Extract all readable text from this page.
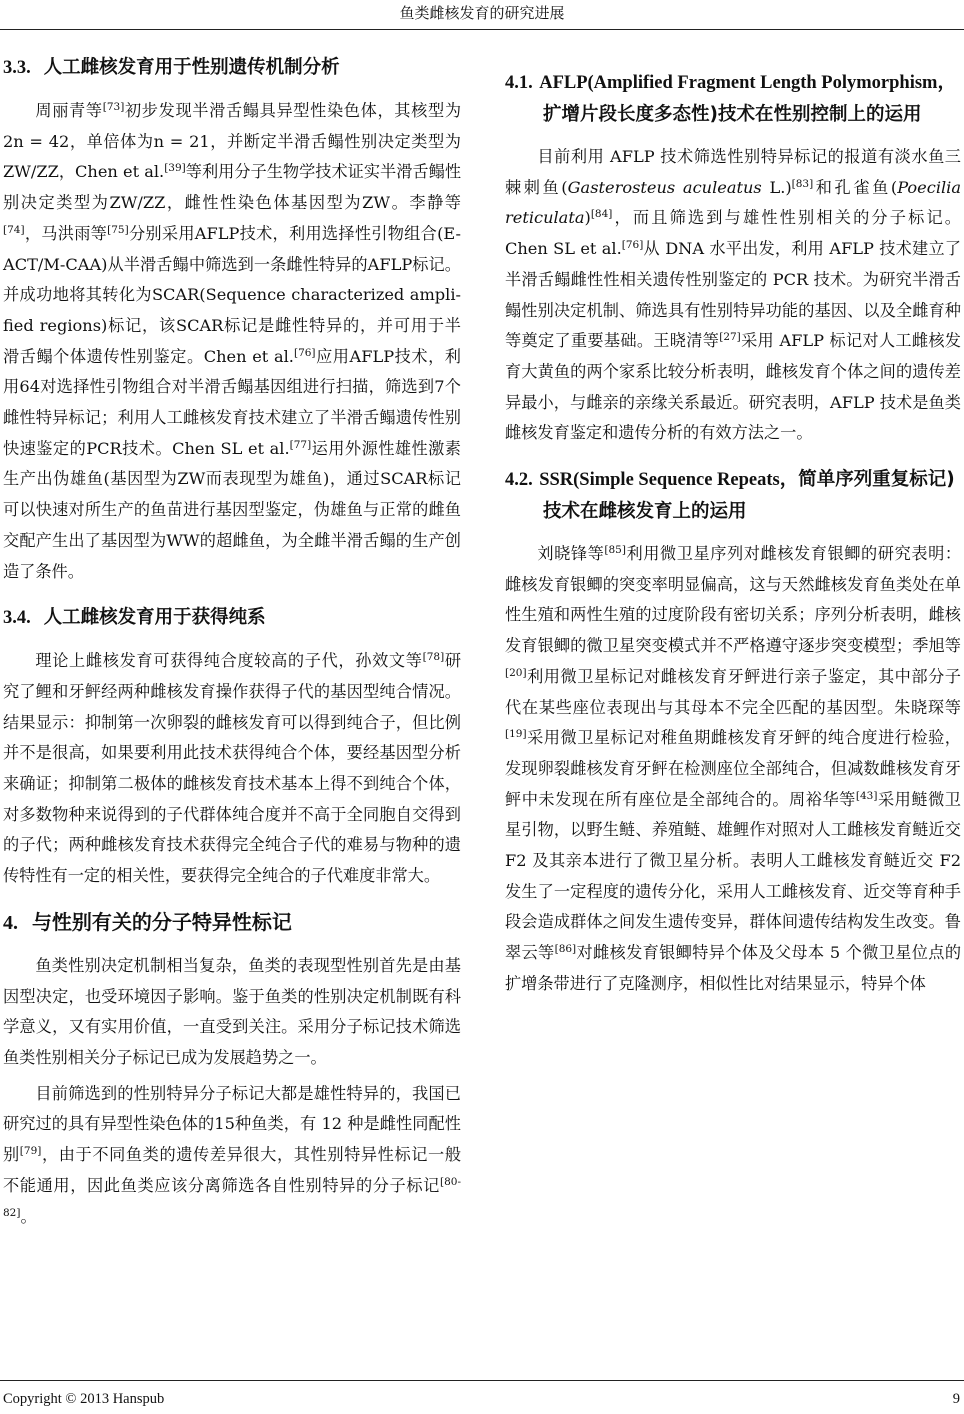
鱼类雌核发育的研究进展
3.3. 人工雌核发育用于性别遗传机制分析

周丽青等[73]初步发现半滑舌鳎具异型性染色体，其核型为2n = 42，单倍体为n = 21，并断定半滑舌鳎性别决定类型为ZW/ZZ，Chen et al.[39]等利用分子生物学技术证实半滑舌鳎性别决定类型为ZW/ZZ，雌性性染色体基因型为ZW。李静等[74]，马洪雨等[75]分别采用AFLP技术，利用选择性引物组合(E-ACT/M-CAA)从半滑舌鳎中筛选到一条雌性特异的AFLP标记。并成功地将其转化为SCAR(Sequence characterized ampli-fied regions)标记，该SCAR标记是雌性特异的，并可用于半滑舌鳎个体遗传性别鉴定。Chen et al.[76]应用AFLP技术，利用64对选择性引物组合对半滑舌鳎基因组进行扫描，筛选到7个雌性特异标记；利用人工雌核发育技术建立了半滑舌鳎遗传性别快速鉴定的PCR技术。Chen SL et al.[77]运用外源性雄性激素生产出伪雄鱼(基因型为ZW而表现型为雄鱼)，通过SCAR标记可以快速对所生产的鱼苗进行基因型鉴定，伪雄鱼与正常的雌鱼交配产生出了基因型为WW的超雌鱼，为全雌半滑舌鳎的生产创造了条件。

3.4. 人工雌核发育用于获得纯系

理论上雌核发育可获得纯合度较高的子代，孙效文等[78]研究了鲤和牙鲆经两种雌核发育操作获得子代的基因型纯合情况。结果显示：抑制第一次卵裂的雌核发育可以得到纯合子，但比例并不是很高，如果要利用此技术获得纯合个体，要经基因型分析来确证；抑制第二极体的雌核发育技术基本上得不到纯合个体，对多数物种来说得到的子代群体纯合度并不高于全同胞自交得到的子代；两种雌核发育技术获得完全纯合子代的难易与物种的遗传特性有一定的相关性，要获得完全纯合的子代难度非常大。

4. 与性别有关的分子特异性标记

鱼类性别决定机制相当复杂，鱼类的表现型性别首先是由基因型决定，也受环境因子影响。鉴于鱼类的性别决定机制既有科学意义，又有实用价值，一直受到关注。采用分子标记技术筛选鱼类性别相关分子标记已成为发展趋势之一。

目前筛选到的性别特异分子标记大都是雄性特异的，我国已研究过的具有异型性染色体的15种鱼类，有 12 种是雌性同配性别[79]，由于不同鱼类的遗传差异很大，其性别特异性标记一般不能通用，因此鱼类应该分离筛选各自性别特异的分子标记[80-82]。

4.1. AFLP(Amplified Fragment Length Polymorphism，扩增片段长度多态性)技术在性别控制上的运用

目前利用 AFLP 技术筛选性别特异标记的报道有淡水鱼三棘刺鱼(Gasterosteus aculeatus L.)[83]和孔雀鱼(Poecilia reticulata)[84]，而且筛选到与雄性性别相关的分子标记。Chen SL et al.[76]从 DNA 水平出发，利用 AFLP 技术建立了半滑舌鳎雌性性相关遗传性别鉴定的 PCR 技术。为研究半滑舌鳎性别决定机制、筛选具有性别特异功能的基因、以及全雌育种等奠定了重要基础。王晓清等[27]采用 AFLP 标记对人工雌核发育大黄鱼的两个家系比较分析表明，雌核发育个体之间的遗传差异最小，与雌亲的亲缘关系最近。研究表明，AFLP 技术是鱼类雌核发育鉴定和遗传分析的有效方法之一。

4.2. SSR(Simple Sequence Repeats，简单序列重复标记)技术在雌核发育上的运用

刘晓锋等[85]利用微卫星序列对雌核发育银鲫的研究表明：雌核发育银鲫的突变率明显偏高，这与天然雌核发育鱼类处在单性生殖和两性生殖的过度阶段有密切关系；序列分析表明，雌核发育银鲫的微卫星突变模式并不严格遵守逐步突变模型；季旭等[20]利用微卫星标记对雌核发育牙鲆进行亲子鉴定，其中部分子代在某些座位表现出与其母本不完全匹配的基因型。朱晓琛等[19]采用微卫星标记对稚鱼期雌核发育牙鲆的纯合度进行检验，发现卵裂雌核发育牙鲆在检测座位全部纯合，但减数雌核发育牙鲆中未发现在所有座位是全部纯合的。周裕华等[43]采用鲢微卫星引物，以野生鲢、养殖鲢、雄鲤作对照对人工雌核发育鲢近交 F2 及其亲本进行了微卫星分析。表明人工雌核发育鲢近交 F2 发生了一定程度的遗传分化，采用人工雌核发育、近交等育种手段会造成群体之间发生遗传变异，群体间遗传结构发生改变。鲁翠云等[86]对雌核发育银鲫特异个体及父母本 5 个微卫星位点的扩增条带进行了克隆测序，相似性比对结果显示，特异个体

Copyright © 2013 Hanspub	9
